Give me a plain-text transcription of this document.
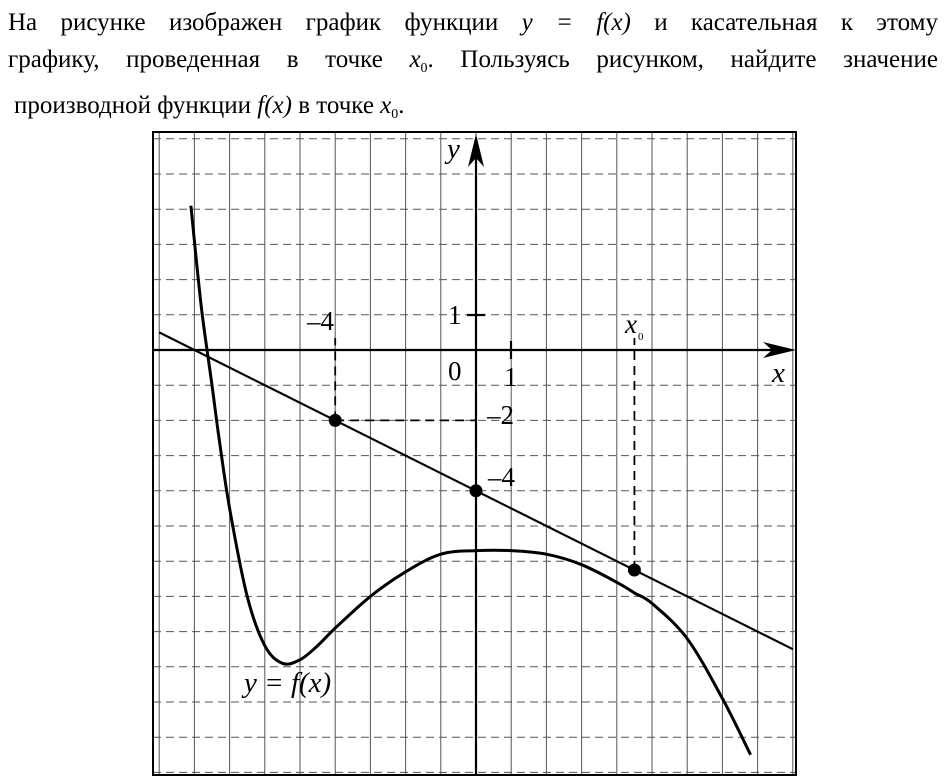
На рисунке изображен график функции y = f(x) и касательная к этому
графику, проведенная в точке $x_0$. Пользуясь рисунком, найдите значение
производной функции f(x) в точке $x_0$.
y
x
0 1
1
–4
–2
–4
$x_0$
y = f(x)
